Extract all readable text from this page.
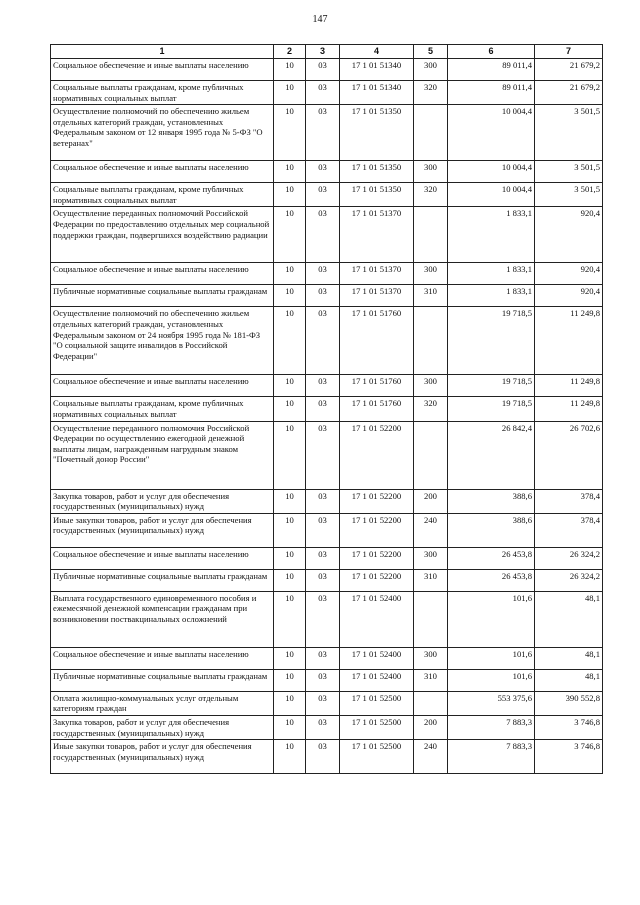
147
1	2	3	4	5	6	7
Социальное обеспечение и иные выплаты населению	10	03	17 1 01 51340	300	89 011,4	21 679,2
Социальные выплаты гражданам, кроме публичных нормативных социальных выплат	10	03	17 1 01 51340	320	89 011,4	21 679,2
Осуществление полномочий по обеспечению жильем отдельных категорий граждан, установленных Федеральным законом от 12 января 1995 года № 5-ФЗ "О ветеранах"	10	03	17 1 01 51350		10 004,4	3 501,5
Социальное обеспечение и иные выплаты населению	10	03	17 1 01 51350	300	10 004,4	3 501,5
Социальные выплаты гражданам, кроме публичных нормативных социальных выплат	10	03	17 1 01 51350	320	10 004,4	3 501,5
Осуществление переданных полномочий Российской Федерации по предоставлению отдельных мер социальной поддержки граждан, подвергшихся воздействию радиации	10	03	17 1 01 51370		1 833,1	920,4
Социальное обеспечение и иные выплаты населению	10	03	17 1 01 51370	300	1 833,1	920,4
Публичные нормативные социальные выплаты гражданам	10	03	17 1 01 51370	310	1 833,1	920,4
Осуществление полномочий по обеспечению жильем отдельных категорий граждан, установленных Федеральным законом от 24 ноября 1995 года № 181-ФЗ "О социальной защите инвалидов в Российской Федерации"	10	03	17 1 01 51760		19 718,5	11 249,8
Социальное обеспечение и иные выплаты населению	10	03	17 1 01 51760	300	19 718,5	11 249,8
Социальные выплаты гражданам, кроме публичных нормативных социальных выплат	10	03	17 1 01 51760	320	19 718,5	11 249,8
Осуществление переданного полномочия Российской Федерации по осуществлению ежегодной денежной выплаты лицам, награжденным нагрудным знаком "Почетный донор России"	10	03	17 1 01 52200		26 842,4	26 702,6
Закупка товаров, работ и услуг для обеспечения государственных (муниципальных) нужд	10	03	17 1 01 52200	200	388,6	378,4
Иные закупки товаров, работ и услуг для обеспечения государственных (муниципальных) нужд	10	03	17 1 01 52200	240	388,6	378,4
Социальное обеспечение и иные выплаты населению	10	03	17 1 01 52200	300	26 453,8	26 324,2
Публичные нормативные социальные выплаты гражданам	10	03	17 1 01 52200	310	26 453,8	26 324,2
Выплата государственного единовременного пособия и ежемесячной денежной компенсации гражданам при возникновении поствакцинальных осложнений	10	03	17 1 01 52400		101,6	48,1
Социальное обеспечение и иные выплаты населению	10	03	17 1 01 52400	300	101,6	48,1
Публичные нормативные социальные выплаты гражданам	10	03	17 1 01 52400	310	101,6	48,1
Оплата жилищно-коммунальных услуг отдельным категориям граждан	10	03	17 1 01 52500		553 375,6	390 552,8
Закупка товаров, работ и услуг для обеспечения государственных (муниципальных) нужд	10	03	17 1 01 52500	200	7 883,3	3 746,8
Иные закупки товаров, работ и услуг для обеспечения государственных (муниципальных) нужд	10	03	17 1 01 52500	240	7 883,3	3 746,8
